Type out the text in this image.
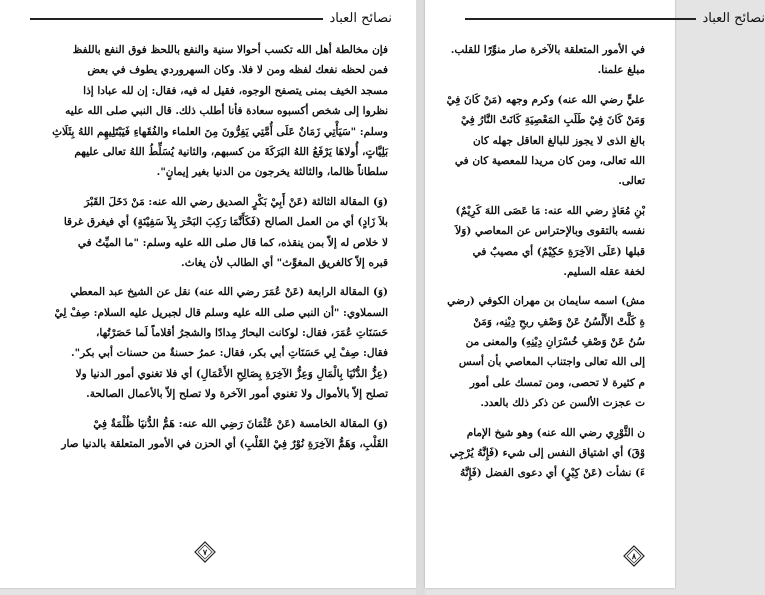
نصائح العباد
فإن مخالطة أهل الله تكسب أحوالا سنية والنفع باللحظ فوق النفع باللفظ
فمن لحظه نفعك لفظه ومن لا فلا. وكان السهروردي يطوف في بعض
مسجد الخيف بمنى يتصفح الوجوه، فقيل له فيه، فقال: إن لله عبادا إذا
نظروا إلى شخص أكسبوه سعادة فأنا أطلب ذلك. قال النبي صلى الله عليه
وسلم: "سَيَأْتِي زَمَانٌ عَلَى أُمَّتِي يَفِرُّونَ مِنَ العلماء والفُقَهاءِ فَيَبْتَلِيهِم اللهُ بِثَلَاثِ
بَلِيَّاتٍ، أُولاهَا يَرْفَعُ اللهُ البَرَكَةَ من كسبهم، والثانية يُسَلِّطُ اللهُ تعالى عليهم
سلطاناً ظالما، والثالثة يخرجون من الدنيا بغير إيمانٍ".
(وَ) المقالة الثالثة (عَنْ أَبِيْ بَكْرٍ الصديق رضي الله عنه: مَنْ دَخَلَ القَبْرَ
بلاَ زَادٍ) أي من العمل الصالح (فَكَأَنَّمَا رَكِبَ البَحْرَ بِلاَ سَفِيْنَةٍ) أي فيغرق غرقا
لا خلاص له إلاّ بمن ينقذه، كما قال صلى الله عليه وسلم: "ما الميِّتُ في
قبره إلاّ كالغريق المغوِّث" أي الطالب لأن يغاث.
(وَ) المقالة الرابعة (عَنْ عُمَرَ رضي الله عنه) نقل عن الشيخ عبد المعطي
السملاوي: "أن النبي صلى الله عليه وسلم قال لجبريل عليه السلام: صِفْ لِيْ
حَسَنَاتِ عُمَرَ، فقال: لوكانت البحارُ مِدادًا والشجرُ أقلاماً لَما حَصَرْتُها،
فقال: صِفْ لِي حَسَنَاتِ أبي بكر، فقال: عمرُ حسنةٌ من حسنات أبي بكر".
(عِزُّ الدُّنْيَا بِالْمَالِ وَعِزُّ الآخِرَةِ بِصَالِحِ الأَعْمَالِ) أي فلا تغنوي أمور الدنيا ولا
تصلح إلاّ بالأموال ولا تغنوي أمور الآخرة ولا تصلح إلاّ بالأعمال الصالحة.
(وَ) المقالة الخامسة (عَنْ عُثْمَانَ رَضِي الله عنه: هَمُّ الدُّنيَا ظُلْمَةٌ فِيْ
القَلْبِ، وَهَمُّ الآخِرَةِ نُوْرٌ فِيْ القَلْبِ) أي الحزن في الأمور المتعلقة بالدنيا صار
٧
نصائح العباد
في الأمور المتعلقة بالآخرة صار منوِّرًا للقلب.
مبلغ علمنا.
عليٍّ رضي الله عنه) وكرم وجهه (مَنْ كَانَ فِيْ
وَمَنْ كَانَ فِيْ طَلَبِ المَعْصِيَةِ كَانَتْ النَّارُ فِيْ
بالغ الذى لا يجوز للبالغ العاقل جهله كان
الله تعالى، ومن كان مريدا للمعصية كان في
تعالى.
بْنِ مُعَاذٍ رضي الله عنه: مَا عَصَى اللهَ كَرِيْمٌ)
نفسه بالتقوى وبالإحتراس عن المعاصي (وَلاَ
قبلها (عَلَى الآخِرَةِ حَكِيْمٌ) أي مصيبٌ في
لخفة عقله السليم.
مش) اسمه سايمان بن مهران الكوفي (رضي
ةِ كَلَّتْ الأَلْسُنُ عَنْ وَصْفِ ربحِ دِيْنِه، وَمَنْ
سُنُ عَنْ وَصْفِ خُسْرَانِ دِيْنِهِ) والمعنى من
إلى الله تعالى واجتناب المعاصي بأن أسس
م كثيرة لا تحصى، ومن تمسك على أمور
ت عجزت الألسن عن ذكر ذلك بالعدد.
ن الثَّوْرِي رضي الله عنه) وهو شيخ الإمام
وْقَ) أي اشتياق النفس إلى شيء (فَإِنَّهُ يُرْجِي
ءَ) نشأت (عَنْ كِبْرٍ) أي دعوى الفضل (فَإِنَّهُ
٨
